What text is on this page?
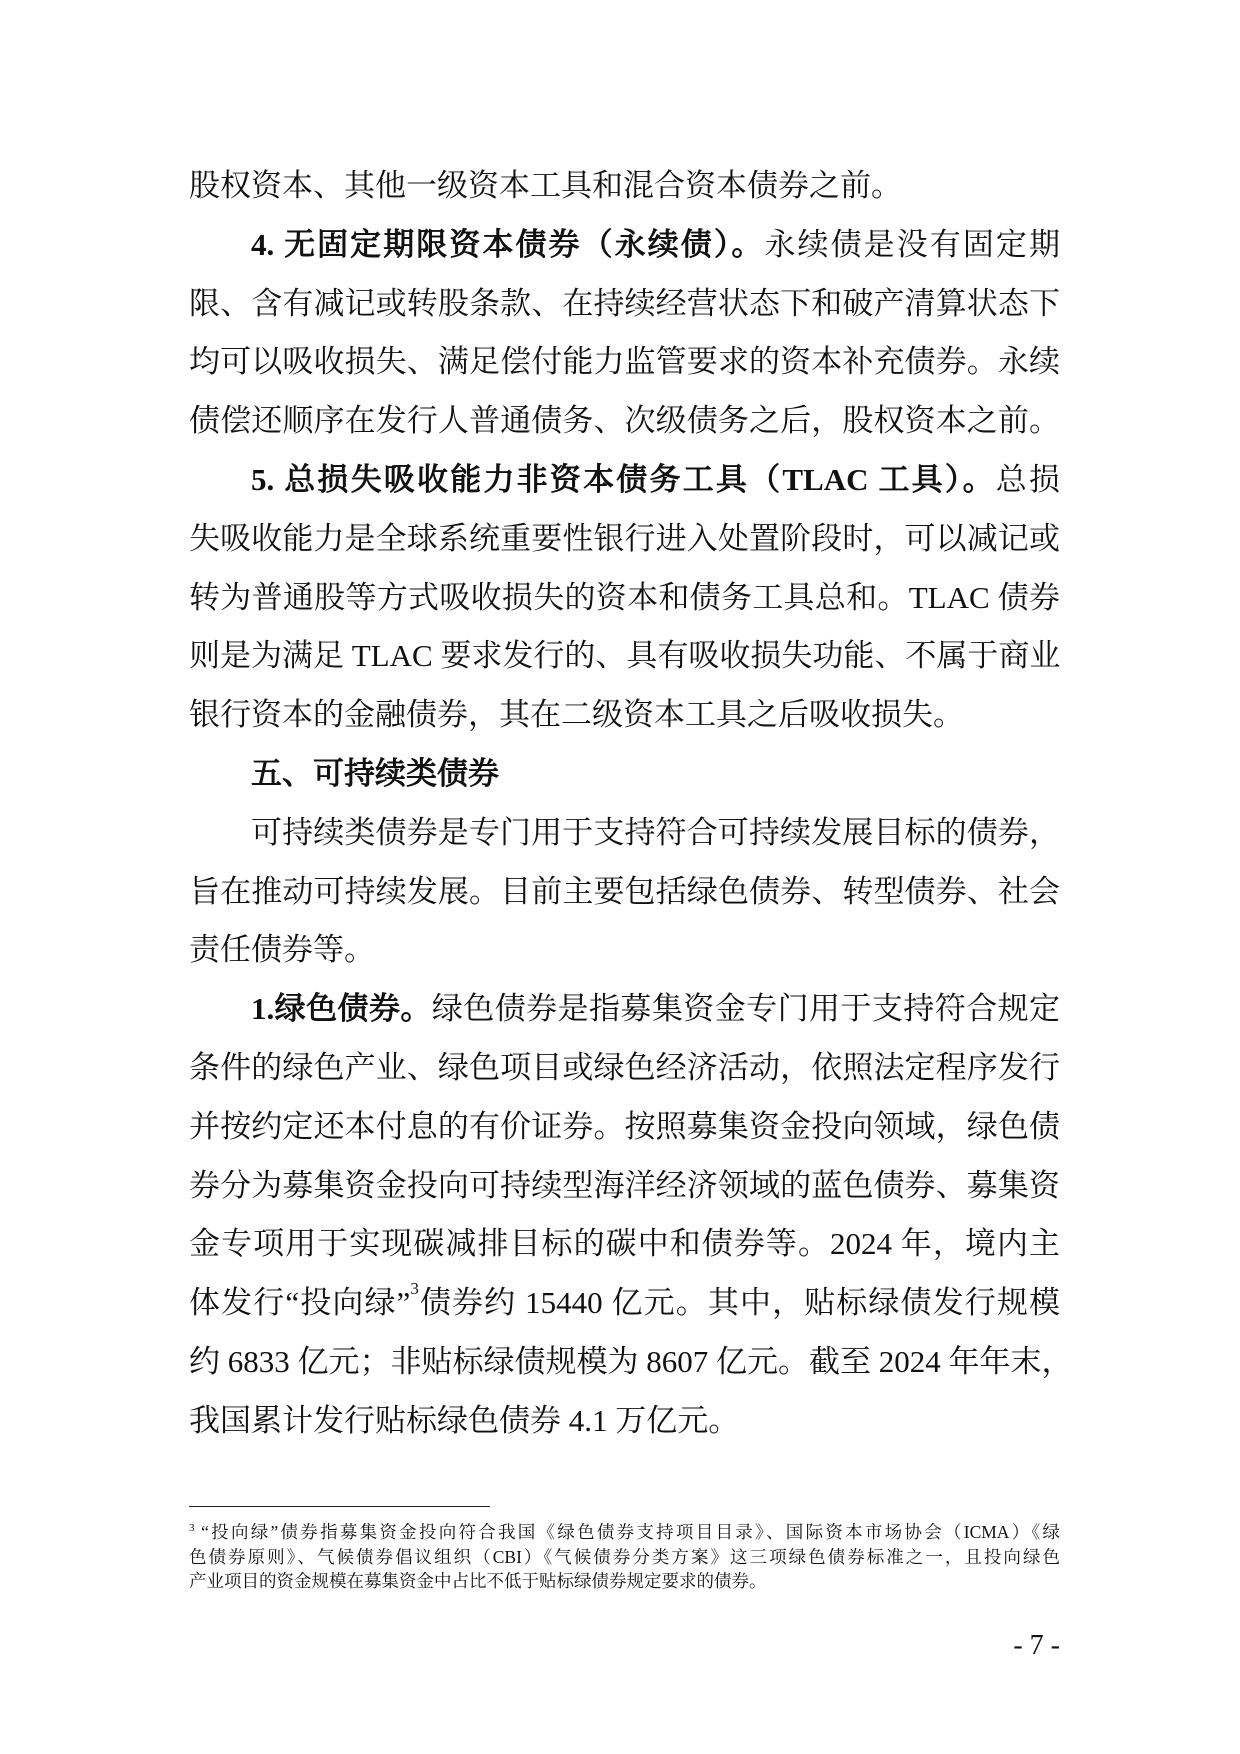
股权资本、其他一级资本工具和混合资本债券之前。
4. 无固定期限资本债券（永续债）。永续债是没有固定期
限、含有减记或转股条款、在持续经营状态下和破产清算状态下
均可以吸收损失、满足偿付能力监管要求的资本补充债券。永续
债偿还顺序在发行人普通债务、次级债务之后，股权资本之前。
5. 总损失吸收能力非资本债务工具（TLAC 工具）。总损
失吸收能力是全球系统重要性银行进入处置阶段时，可以减记或
转为普通股等方式吸收损失的资本和债务工具总和。TLAC 债券
则是为满足 TLAC 要求发行的、具有吸收损失功能、不属于商业
银行资本的金融债券，其在二级资本工具之后吸收损失。
五、可持续类债券
可持续类债券是专门用于支持符合可持续发展目标的债券，
旨在推动可持续发展。目前主要包括绿色债券、转型债券、社会
责任债券等。
1.绿色债券。绿色债券是指募集资金专门用于支持符合规定
条件的绿色产业、绿色项目或绿色经济活动，依照法定程序发行
并按约定还本付息的有价证券。按照募集资金投向领域，绿色债
券分为募集资金投向可持续型海洋经济领域的蓝色债券、募集资
金专项用于实现碳减排目标的碳中和债券等。2024 年，境内主
体发行“投向绿”$^3$债券约 15440 亿元。其中，贴标绿债发行规模
约 6833 亿元；非贴标绿债规模为 8607 亿元。截至 2024 年年末，
我国累计发行贴标绿色债券 4.1 万亿元。
$^3$ “投向绿”债券指募集资金投向符合我国《绿色债券支持项目目录》、国际资本市场协会（ICMA）《绿
色债券原则》、气候债券倡议组织（CBI）《气候债券分类方案》这三项绿色债券标准之一，且投向绿色
产业项目的资金规模在募集资金中占比不低于贴标绿债券规定要求的债券。
- 7 -
